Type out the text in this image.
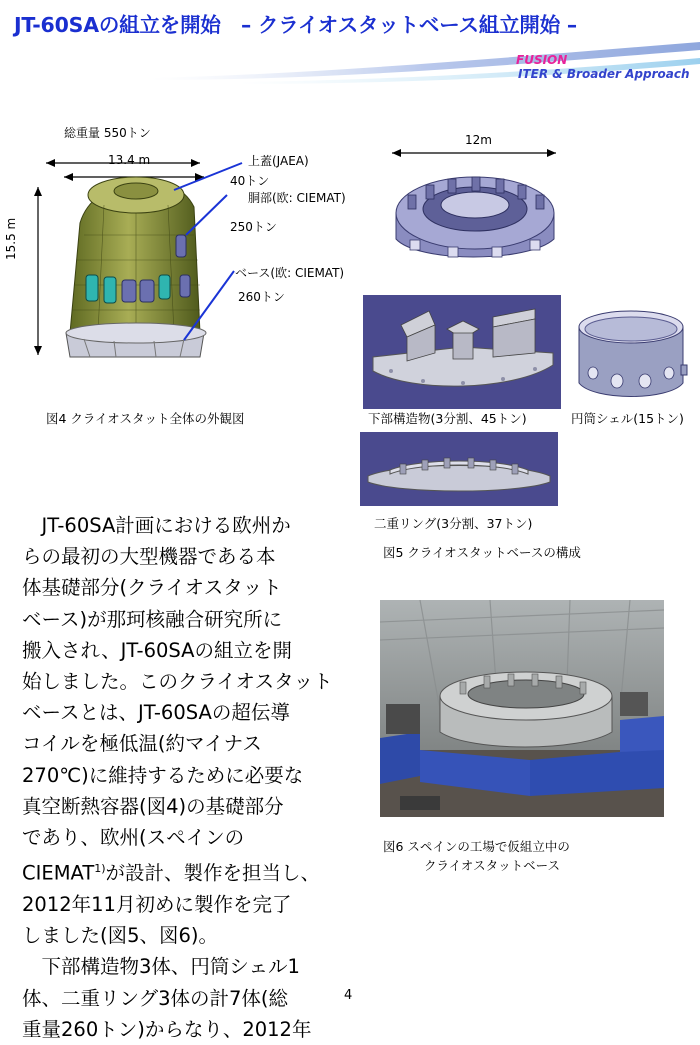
JT-60SAの組立を開始　– クライオスタットベース組立開始 –
FUSION
ITER & Broader Approach
総重量 550トン
13.4 m
15.5 m
上蓋(JAEA)
40トン
胴部(欧: CIEMAT)
250トン
ベース(欧: CIEMAT)
260トン
図4 クライオスタット全体の外観図
12m
下部構造物(3分割、45トン)	円筒シェル(15トン)
二重リング(3分割、37トン)
図5 クライオスタットベースの構成
図6 スペインの工場で仮組立中の
クライオスタットベース

　JT-60SA計画における欧州か

らの最初の大型機器である本

体基礎部分(クライオスタット

ベース)が那珂核融合研究所に

搬入され、JT-60SAの組立を開

始しました。このクライオスタット

ベースとは、JT-60SAの超伝導

コイルを極低温(約マイナス

270℃)に維持するために必要な

真空断熱容器(図4)の基礎部分

であり、欧州(スペインの

CIEMAT$^{1)}$が設計、製作を担当し、

2012年11月初めに製作を完了

しました(図5、図6)。

　下部構造物3体、円筒シェル1

体、二重リング3体の計7体(総

重量260トン)からなり、2012年

4
